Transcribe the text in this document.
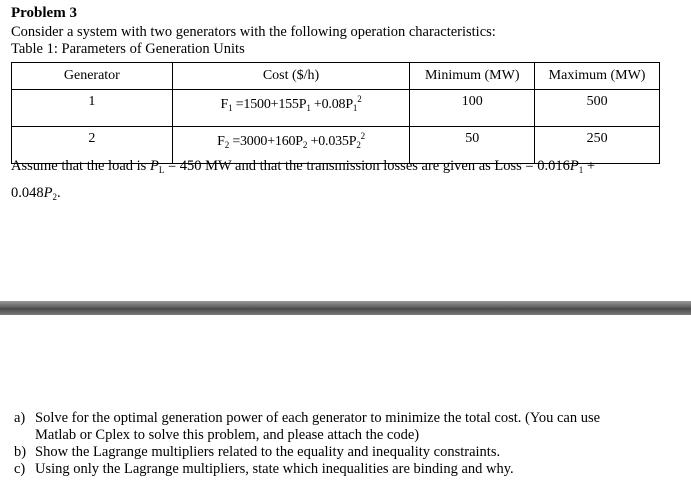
Problem 3
Consider a system with two generators with the following operation characteristics:
Table 1: Parameters of Generation Units
Generator	Cost ($/h)	Minimum (MW)	Maximum (MW)
1	$F_1 =1500+155P_1 +0.08P_1^2$	100	500
2	$F_2 =3000+160P_2 +0.035P_2^2$	50	250
Assume that the load is $P_L = 450$ MW and that the transmission losses are given as Loss = $0.016P_1$ +
$0.048P_2$.
a) Solve for the optimal generation power of each generator to minimize the total cost. (You can use
Matlab or Cplex to solve this problem, and please attach the code)
b) Show the Lagrange multipliers related to the equality and inequality constraints.
c) Using only the Lagrange multipliers, state which inequalities are binding and why.
